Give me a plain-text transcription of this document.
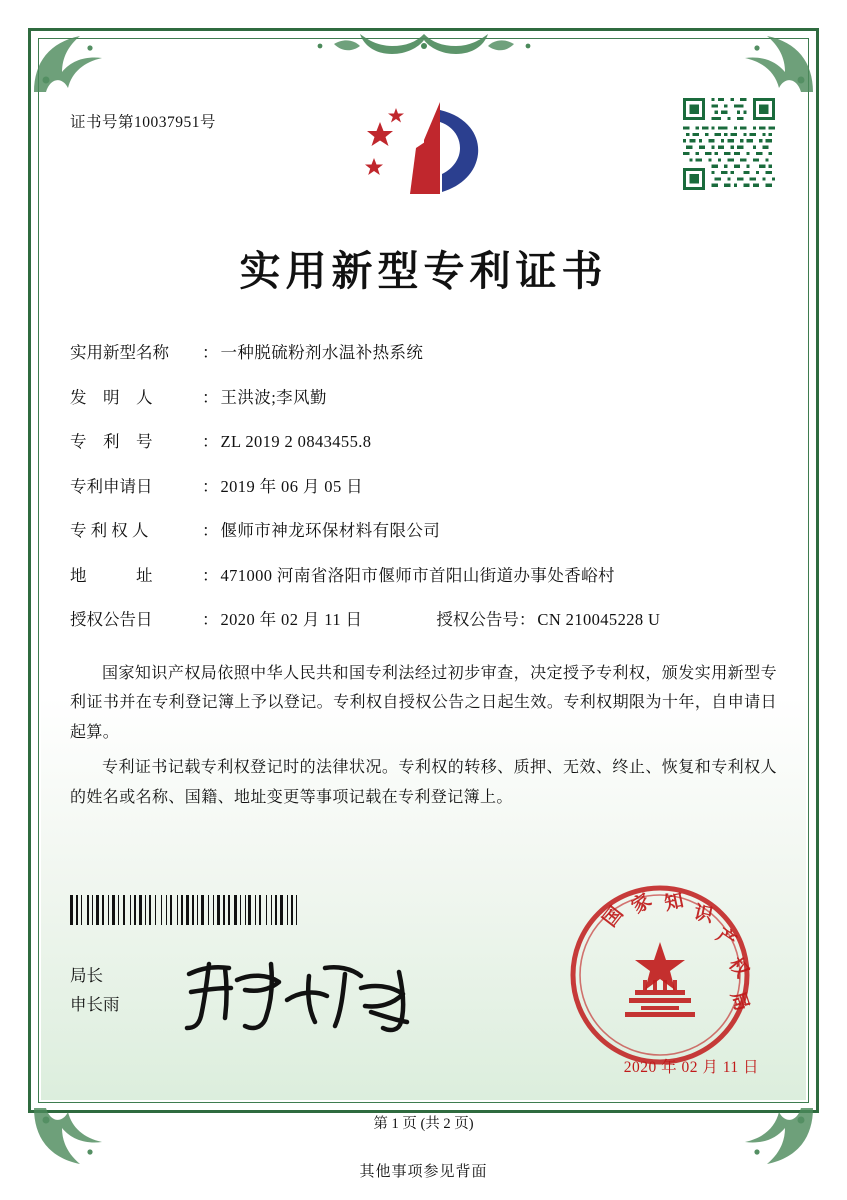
证书号第10037951号
实用新型专利证书
实用新型名称	： 一种脱硫粉剂水温补热系统
发　明　人	： 王洪波;李风勤
专　利　号	： ZL 2019 2 0843455.8
专利申请日	： 2019 年 06 月 05 日
专 利 权 人	： 偃师市神龙环保材料有限公司
地　　　址	： 471000 河南省洛阳市偃师市首阳山街道办事处香峪村
授权公告日	： 2020 年 02 月 11 日	授权公告号 ： CN 210045228 U
国家知识产权局依照中华人民共和国专利法经过初步审查，决定授予专利权，颁发实用新型专利证书并在专利登记簿上予以登记。专利权自授权公告之日起生效。专利权期限为十年，自申请日起算。
专利证书记载专利权登记时的法律状况。专利权的转移、质押、无效、终止、恢复和专利权人的姓名或名称、国籍、地址变更等事项记载在专利登记簿上。
局长
申长雨
国 家 知 识
产
权
局
2020 年 02 月 11 日
第 1 页 (共 2 页)
其他事项参见背面
